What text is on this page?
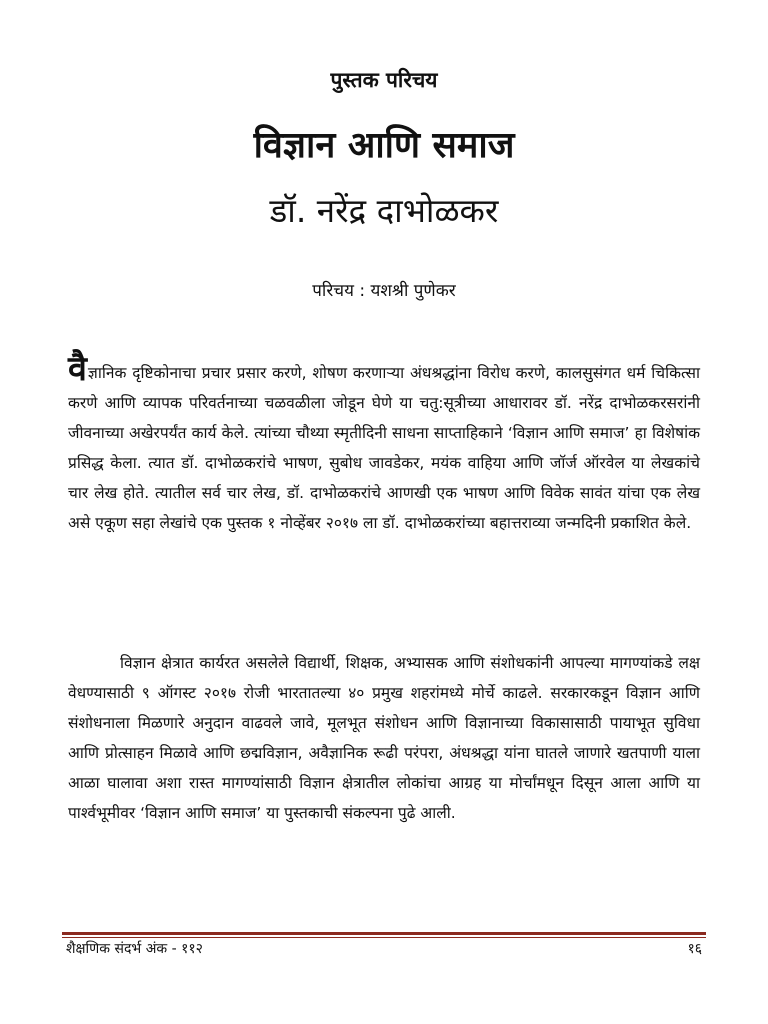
पुस्तक परिचय
विज्ञान आणि समाज
डॉ. नरेंद्र दाभोळकर
परिचय : यशश्री पुणेकर
वैज्ञानिक दृष्टिकोनाचा प्रचार प्रसार करणे, शोषण करणाऱ्या अंधश्रद्धांना विरोध करणे, कालसुसंगत धर्म चिकित्सा करणे आणि व्यापक परिवर्तनाच्या चळवळीला जोडून घेणे या चतु:सूत्रीच्या आधारावर डॉ. नरेंद्र दाभोळकरसरांनी जीवनाच्या अखेरपर्यंत कार्य केले. त्यांच्या चौथ्या स्मृतीदिनी साधना साप्ताहिकाने ‘विज्ञान आणि समाज’ हा विशेषांक प्रसिद्ध केला. त्यात डॉ. दाभोळकरांचे भाषण, सुबोध जावडेकर, मयंक वाहिया आणि जॉर्ज ऑरवेल या लेखकांचे चार लेख होते. त्यातील सर्व चार लेख, डॉ. दाभोळकरांचे आणखी एक भाषण आणि विवेक सावंत यांचा एक लेख असे एकूण सहा लेखांचे एक पुस्तक १ नोव्हेंबर २०१७ ला डॉ. दाभोळकरांच्या बहात्तराव्या जन्मदिनी प्रकाशित केले.
विज्ञान क्षेत्रात कार्यरत असलेले विद्यार्थी, शिक्षक, अभ्यासक आणि संशोधकांनी आपल्या मागण्यांकडे लक्ष वेधण्यासाठी ९ ऑगस्ट २०१७ रोजी भारतातल्या ४० प्रमुख शहरांमध्ये मोर्चे काढले. सरकारकडून विज्ञान आणि संशोधनाला मिळणारे अनुदान वाढवले जावे, मूलभूत संशोधन आणि विज्ञानाच्या विकासासाठी पायाभूत सुविधा आणि प्रोत्साहन मिळावे आणि छद्मविज्ञान, अवैज्ञानिक रूढी परंपरा, अंधश्रद्धा यांना घातले जाणारे खतपाणी याला आळा घालावा अशा रास्त मागण्यांसाठी विज्ञान क्षेत्रातील लोकांचा आग्रह या मोर्चांमधून दिसून आला आणि या पार्श्वभूमीवर ‘विज्ञान आणि समाज’ या पुस्तकाची संकल्पना पुढे आली.
शैक्षणिक संदर्भ अंक - ११२	१६
